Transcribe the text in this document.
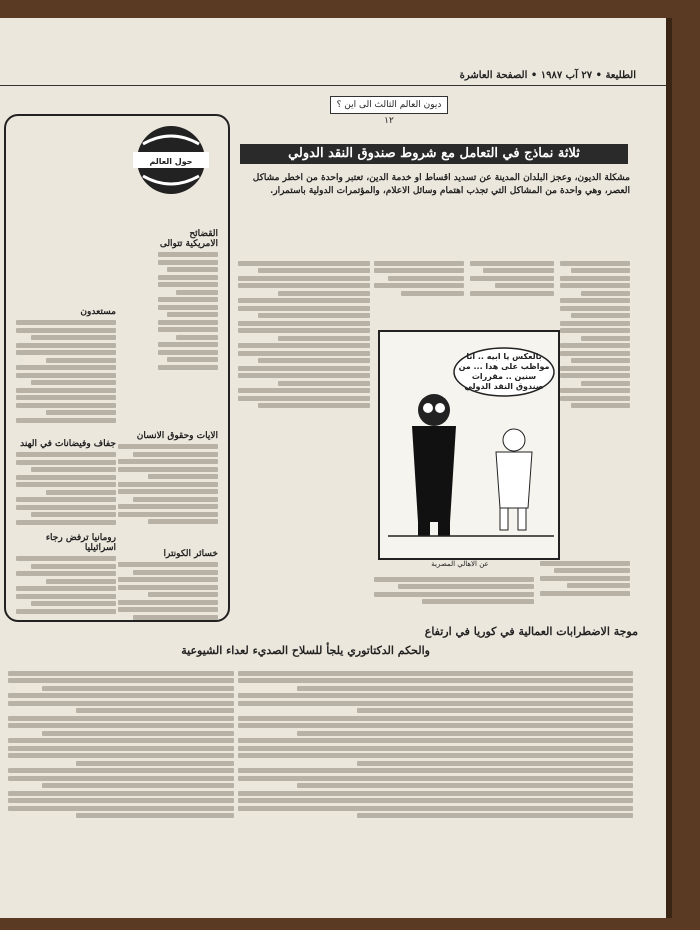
الطليعة • ٢٧ آب ١٩٨٧ • الصفحة العاشرة
ديون العالم الثالث الى اين ؟ ١٢
ثلاثة نماذج في التعامل مع شروط صندوق النقد الدولي
مشكلة الديون، وعجز البلدان المدينة عن تسديد اقساط او خدمة الدين، تعتبر واحدة من اخطر مشاكل العصر، وهي واحدة من المشاكل التي تجذب اهتمام وسائل الاعلام، والمؤتمرات الدولية باستمرار.
القضائح الامريكية تتوالى
مستعدون
الايات وحقوق الانسان
جفاف وفيضانات في الهند
رومانيا ترفض رجاء اسرائيليا
خسائر الكونترا
حول العالم
بالعكس يا ابيه .. انا مواظب على هدا ... من سنين .. مقررات صندوق النقد الدولي
عن الاهالي المصرية
موجة الاضطرابات العمالية في كوريا في ارتفاع
والحكم الدكتاتوري يلجأ للسلاح الصديء لعداء الشيوعية
